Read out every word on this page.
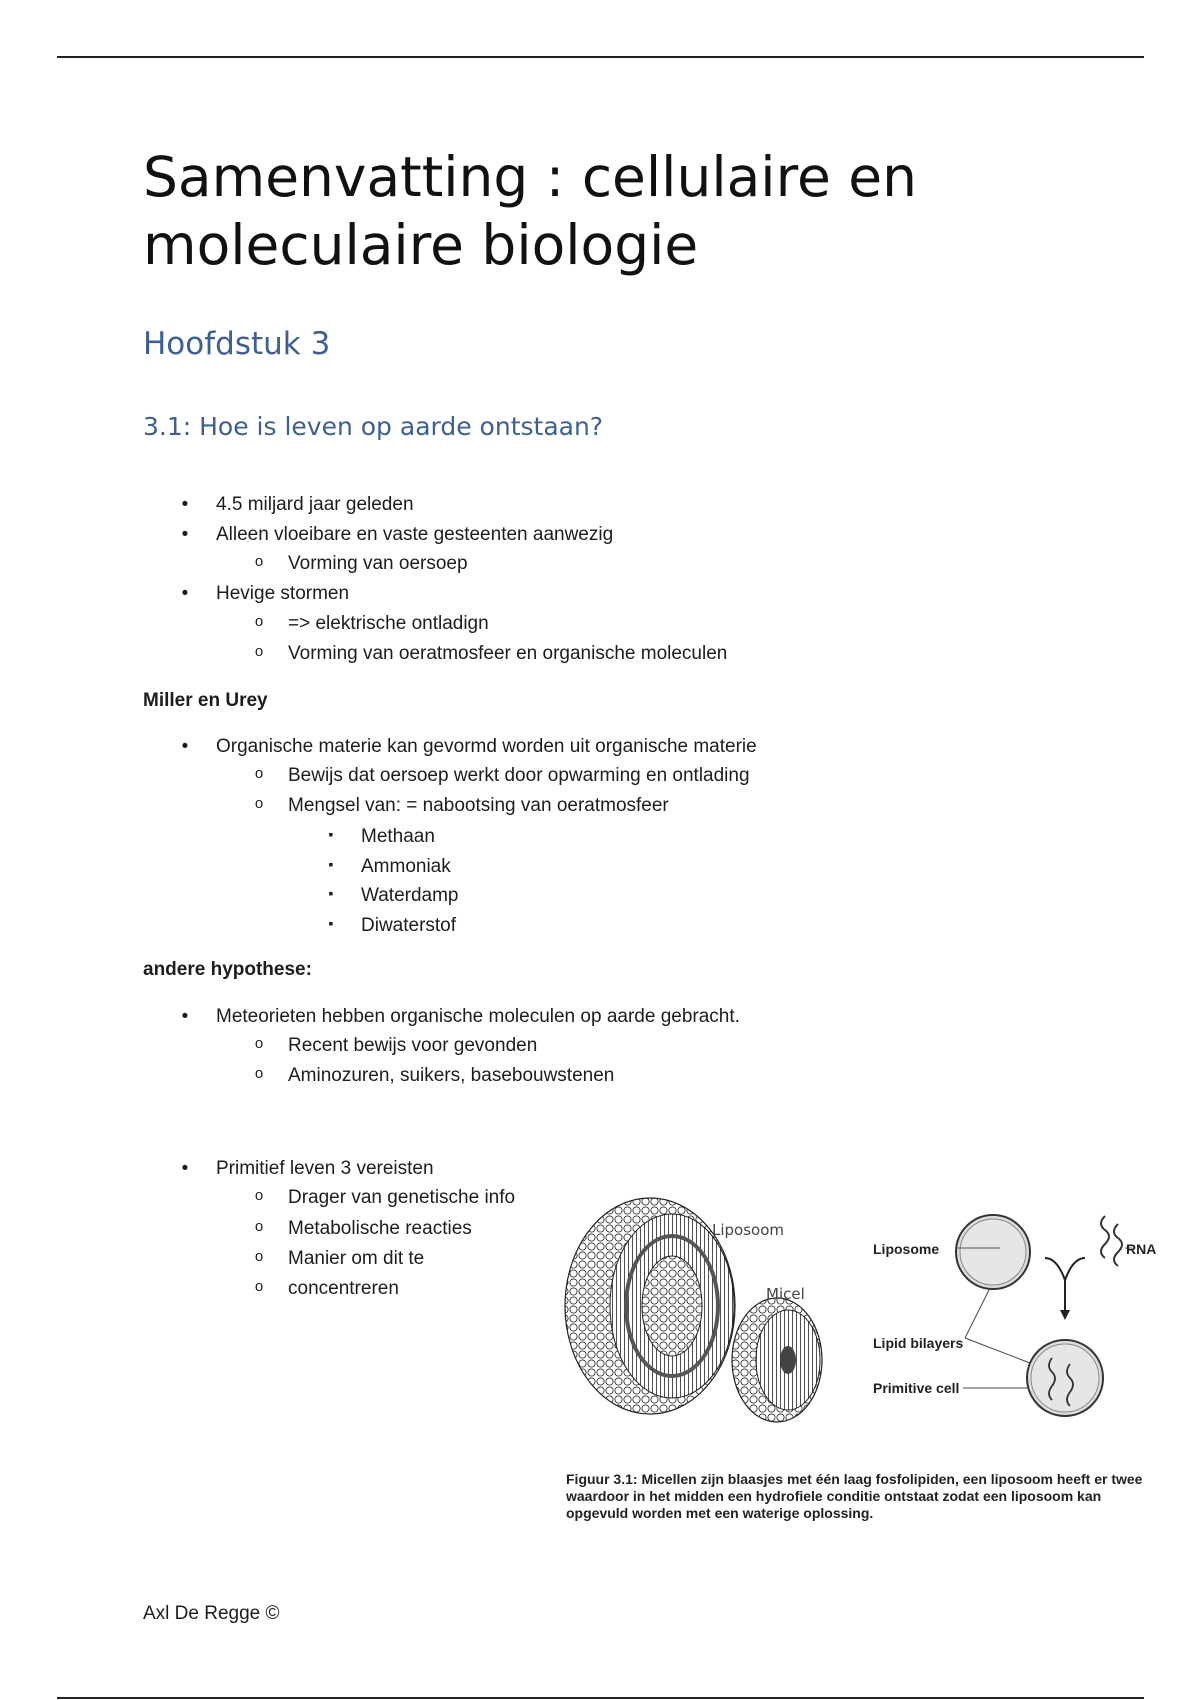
Samenvatting : cellulaire en moleculaire biologie
Hoofdstuk 3
3.1: Hoe is leven op aarde ontstaan?
• 4.5 miljard jaar geleden
• Alleen vloeibare en vaste gesteenten aanwezig
o Vorming van oersoep
• Hevige stormen
o => elektrische ontladign
o Vorming van oeratmosfeer en organische moleculen
Miller en Urey
• Organische materie kan gevormd worden uit organische materie
o Bewijs dat oersoep werkt door opwarming en ontlading
o Mengsel van: = nabootsing van oeratmosfeer
▪ Methaan
▪ Ammoniak
▪ Waterdamp
▪ Diwaterstof
andere hypothese:
• Meteorieten hebben organische moleculen op aarde gebracht.
o Recent bewijs voor gevonden
o Aminozuren, suikers, basebouwstenen
• Primitief leven 3 vereisten
o Drager van genetische info
o Metabolische reacties
o Manier om dit te
o concentreren
Liposoom
Micel
Liposome	RNA
Lipid bilayers
Primitive cell
Figuur 3.1: Micellen zijn blaasjes met één laag fosfolipiden, een liposoom heeft er twee waardoor in het midden een hydrofiele conditie ontstaat zodat een liposoom kan opgevuld worden met een waterige oplossing.
Axl De Regge ©
